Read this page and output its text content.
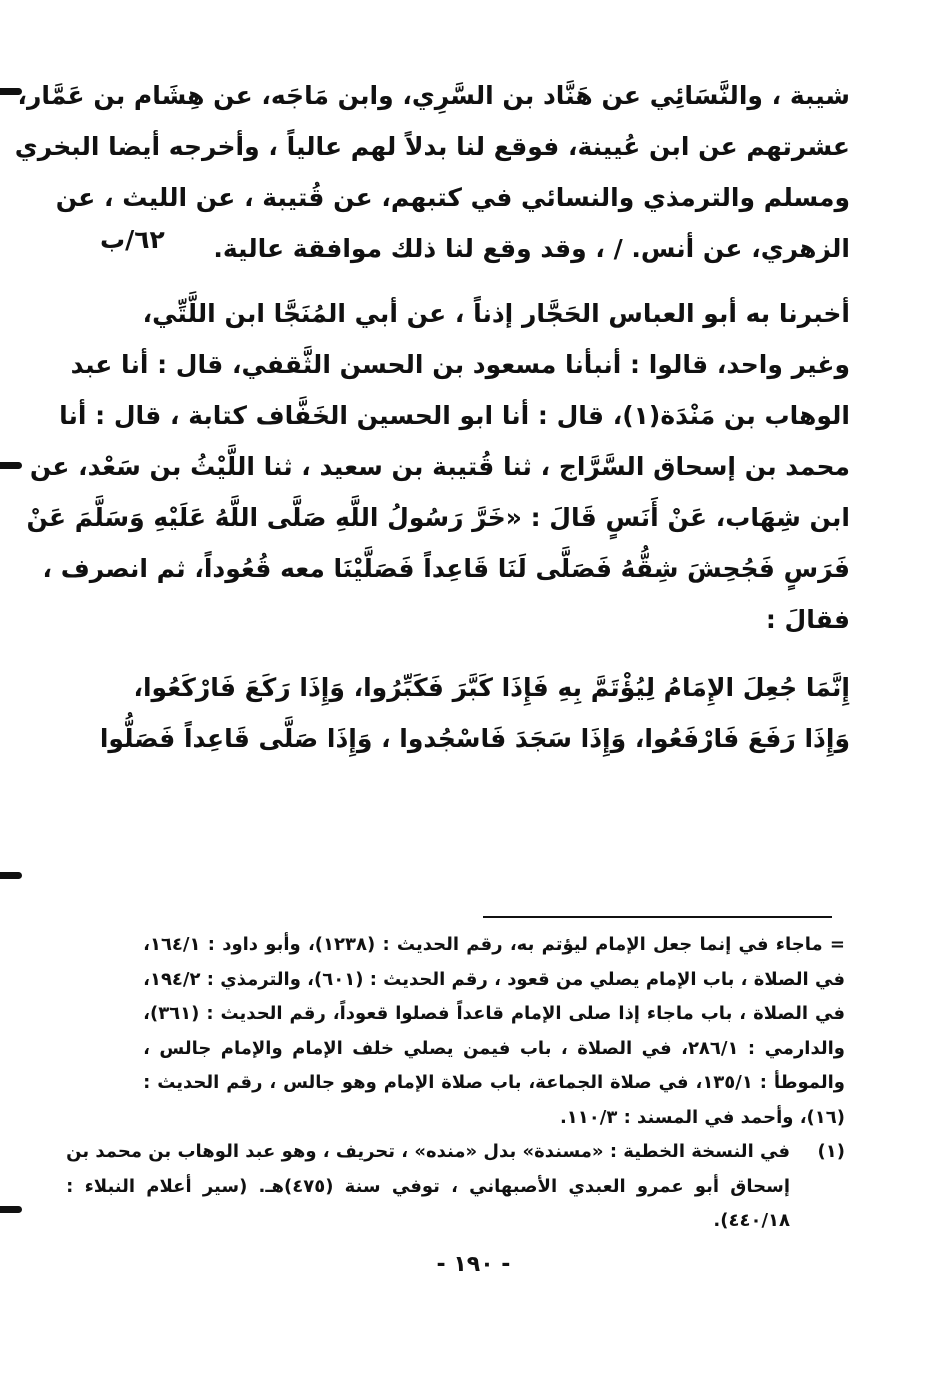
٦٢/ب

شيبة ، والنَّسَائِي عن هَنَّاد بن السَّرِي، وابن مَاجَه، عن هِشَام بن عَمَّار،
عشرتهم عن ابن عُيينة، فوقع لنا بدلاً لهم عالياً ، وأخرجه أيضا البخري
ومسلم والترمذي والنسائي في كتبهم، عن قُتيبة ، عن الليث ، عن
الزهري، عن أنس. / ، وقد وقع لنا ذلك موافقة عالية.

أخبرنا به أبو العباس الحَجَّار إذناً ، عن أبي المُنَجَّا ابن اللَّتِّي،
وغير واحد، قالوا : أنبأنا مسعود بن الحسن الثَّقفي، قال : أنا عبد
الوهاب بن مَنْدَة(١)، قال : أنا ابو الحسين الخَفَّاف كتابة ، قال : أنا
محمد بن إسحاق السَّرَّاج ، ثنا قُتيبة بن سعيد ، ثنا اللَّيْثُ بن سَعْد، عن
ابن شِهَاب، عَنْ أَنَسٍ قَالَ : «خَرَّ رَسُولُ اللَّهِ صَلَّى اللَّهُ عَلَيْهِ وَسَلَّمَ عَنْ
فَرَسٍ فَجُحِشَ شِقُّهُ فَصَلَّى لَنَا قَاعِداً فَصَلَّيْنَا معه قُعُوداً، ثم انصرف ،
فقالَ :

إِنَّمَا جُعِلَ الإِمَامُ لِيُؤْتَمَّ بِهِ فَإِذَا كَبَّرَ فَكَبِّرُوا، وَإِذَا رَكَعَ فَارْكَعُوا،
وَإِذَا رَفَعَ فَارْفَعُوا، وَإِذَا سَجَدَ فَاسْجُدوا ، وَإِذَا صَلَّى قَاعِداً فَصَلُّوا

= ماجاء في إنما جعل الإمام ليؤتم به، رقم الحديث : (١٢٣٨)، وأبو داود : ١٦٤/١،
في الصلاة ، باب الإمام يصلي من قعود ، رقم الحديث : (٦٠١)، والترمذي : ١٩٤/٢،
في الصلاة ، باب ماجاء إذا صلى الإمام قاعداً فصلوا قعوداً، رقم الحديث : (٣٦١)،
والدارمي : ٢٨٦/١، في الصلاة ، باب فيمن يصلي خلف الإمام والإمام جالس ،
والموطأ : ١٣٥/١، في صلاة الجماعة، باب صلاة الإمام وهو جالس ، رقم الحديث :
(١٦)، وأحمد في المسند : ١١٠/٣.
(١)
في النسخة الخطية : «مسندة» بدل «منده» ، تحريف ، وهو عبد الوهاب بن محمد بن
إسحاق أبو عمرو العبدي الأصبهاني ، توفي سنة (٤٧٥)هـ. (سير أعلام النبلاء :
٤٤٠/١٨).
- ١٩٠ -
